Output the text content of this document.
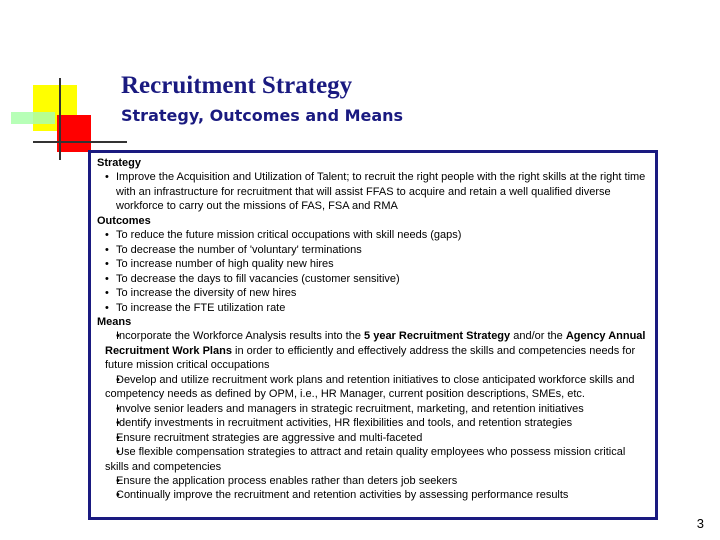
Recruitment Strategy
Strategy, Outcomes and Means

Strategy

• Improve the Acquisition and Utilization of Talent; to recruit the right people with the right skills at the right time with an infrastructure for recruitment that will assist FFAS to acquire and retain a well qualified diverse workforce to carry out the missions of FAS, FSA and RMA

Outcomes

• To reduce the future mission critical occupations with skill needs (gaps)
• To decrease the number of 'voluntary' terminations
• To increase number of high quality new hires
• To decrease the days to fill vacancies (customer sensitive)
• To increase the diversity of new hires
• To increase the FTE utilization rate

Means

• Incorporate the Workforce Analysis results into the 5 year Recruitment Strategy and/or the Agency Annual Recruitment Work Plans in order to efficiently and effectively address the skills and competencies needs for future mission critical occupations
• Develop and utilize recruitment work plans and retention initiatives to close anticipated workforce skills and competency needs as defined by OPM, i.e., HR Manager, current position descriptions, SMEs, etc.
• Involve senior leaders and managers in strategic recruitment, marketing, and retention initiatives
• Identify investments in recruitment activities, HR flexibilities and tools, and retention strategies
• Ensure recruitment strategies are aggressive and multi-faceted
• Use flexible compensation strategies to attract and retain quality employees who possess mission critical skills and competencies
• Ensure the application process enables rather than deters job seekers
• Continually improve the recruitment and retention activities by assessing performance results
3
